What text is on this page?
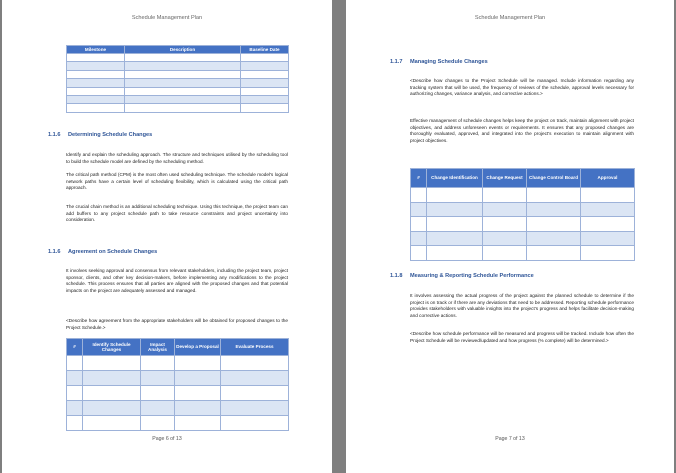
Schedule Management Plan
Milestone	Description	Baseline Date

1.1.6 Determining Schedule Changes
Identify and explain the scheduling approach. The structure and techniques utilised by the scheduling tool to build the schedule model are defined by the scheduling method.
The critical path method (CPM) is the most often used scheduling technique. The schedule model's logical network paths have a certain level of scheduling flexibility, which is calculated using the critical path approach.
The crucial chain method is an additional scheduling technique. Using this technique, the project team can add buffers to any project schedule path to take resource constraints and project uncertainty into consideration.
1.1.6 Agreement on Schedule Changes
It involves seeking approval and consensus from relevant stakeholders, including the project team, project sponsor, clients, and other key decision-makers, before implementing any modifications to the project schedule. This process ensures that all parties are aligned with the proposed changes and that potential impacts on the project are adequately assessed and managed.
<Describe how agreement from the appropriate stakeholders will be obtained for proposed changes to the Project Schedule.>
#	Identify Schedule Changes	Impact Analysis	Develop a Proposal	Evaluate Process

Page 6 of 13
Schedule Management Plan
1.1.7 Managing Schedule Changes
<Describe how changes to the Project Schedule will be managed. Include information regarding any tracking system that will be used, the frequency of reviews of the schedule, approval levels necessary for authorizing changes, variance analysis, and corrective actions.>
Effective management of schedule changes helps keep the project on track, maintain alignment with project objectives, and address unforeseen events or requirements. It ensures that any proposed changes are thoroughly evaluated, approved, and integrated into the project's execution to maintain alignment with project objectives.
#	Change Identification	Change Request	Change Control Board	Approval

1.1.8 Measuring & Reporting Schedule Performance
It involves assessing the actual progress of the project against the planned schedule to determine if the project is on track or if there are any deviations that need to be addressed. Reporting schedule performance provides stakeholders with valuable insights into the project's progress and helps facilitate decision-making and corrective actions.
<Describe how schedule performance will be measured and progress will be tracked. Include how often the Project Schedule will be reviewed/updated and how progress (% complete) will be determined.>
Page 7 of 13
